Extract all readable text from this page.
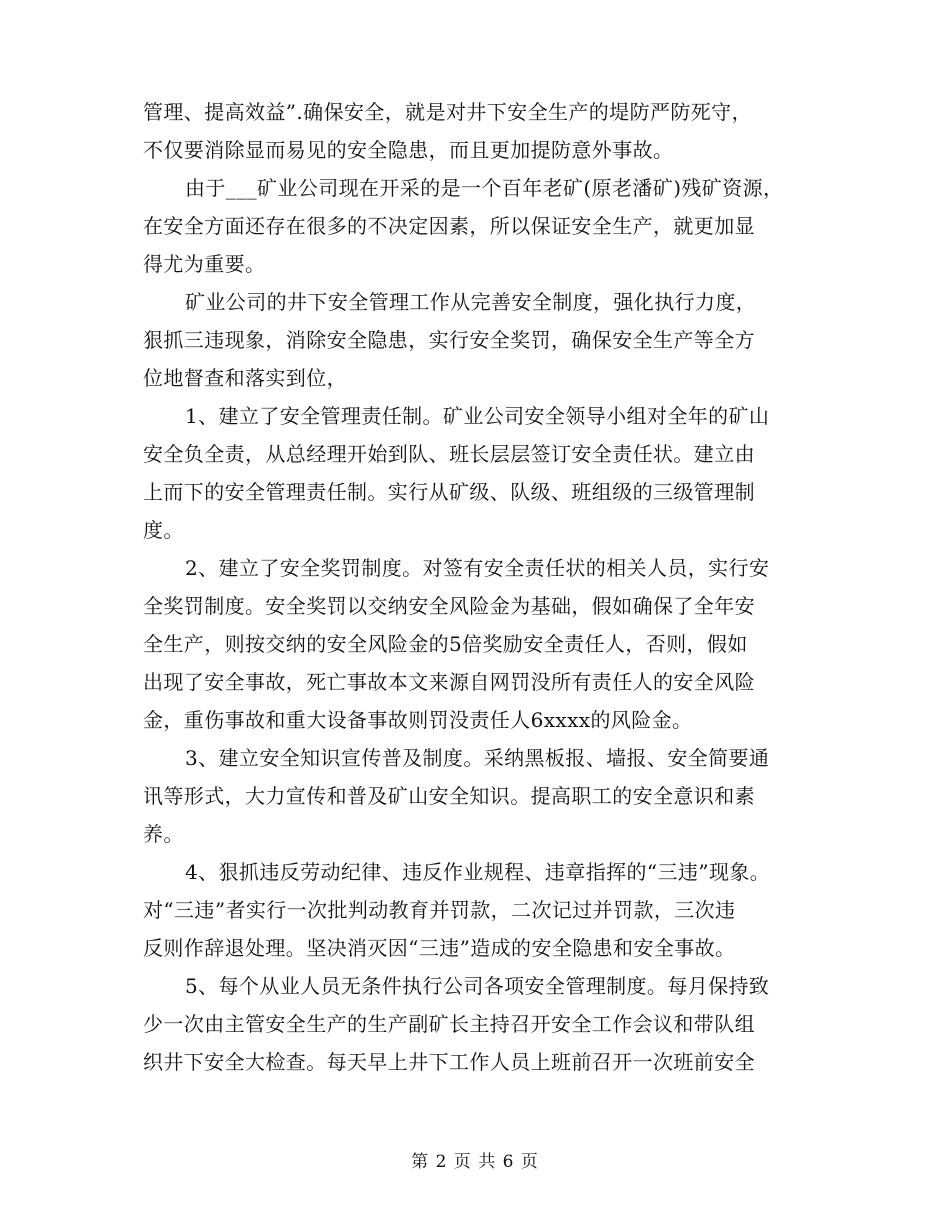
管理、提高效益”.确保安全，就是对井下安全生产的堤防严防死守，
不仅要消除显而易见的安全隐患，而且更加提防意外事故。
由于___矿业公司现在开采的是一个百年老矿(原老潘矿)残矿资源，
在安全方面还存在很多的不决定因素，所以保证安全生产，就更加显
得尤为重要。
矿业公司的井下安全管理工作从完善安全制度，强化执行力度，
狠抓三违现象，消除安全隐患，实行安全奖罚，确保安全生产等全方
位地督查和落实到位，
1、建立了安全管理责任制。矿业公司安全领导小组对全年的矿山
安全负全责，从总经理开始到队、班长层层签订安全责任状。建立由
上而下的安全管理责任制。实行从矿级、队级、班组级的三级管理制
度。
2、建立了安全奖罚制度。对签有安全责任状的相关人员，实行安
全奖罚制度。安全奖罚以交纳安全风险金为基础，假如确保了全年安
全生产，则按交纳的安全风险金的5倍奖励安全责任人，否则，假如
出现了安全事故，死亡事故本文来源自网罚没所有责任人的安全风险
金，重伤事故和重大设备事故则罚没责任人6xxxx的风险金。
3、建立安全知识宣传普及制度。采纳黑板报、墙报、安全简要通
讯等形式，大力宣传和普及矿山安全知识。提高职工的安全意识和素
养。
4、狠抓违反劳动纪律、违反作业规程、违章指挥的“三违”现象。
对“三违”者实行一次批判动教育并罚款，二次记过并罚款，三次违
反则作辞退处理。坚决消灭因“三违”造成的安全隐患和安全事故。
5、每个从业人员无条件执行公司各项安全管理制度。每月保持致
少一次由主管安全生产的生产副矿长主持召开安全工作会议和带队组
织井下安全大检查。每天早上井下工作人员上班前召开一次班前安全
第 2 页 共 6 页
